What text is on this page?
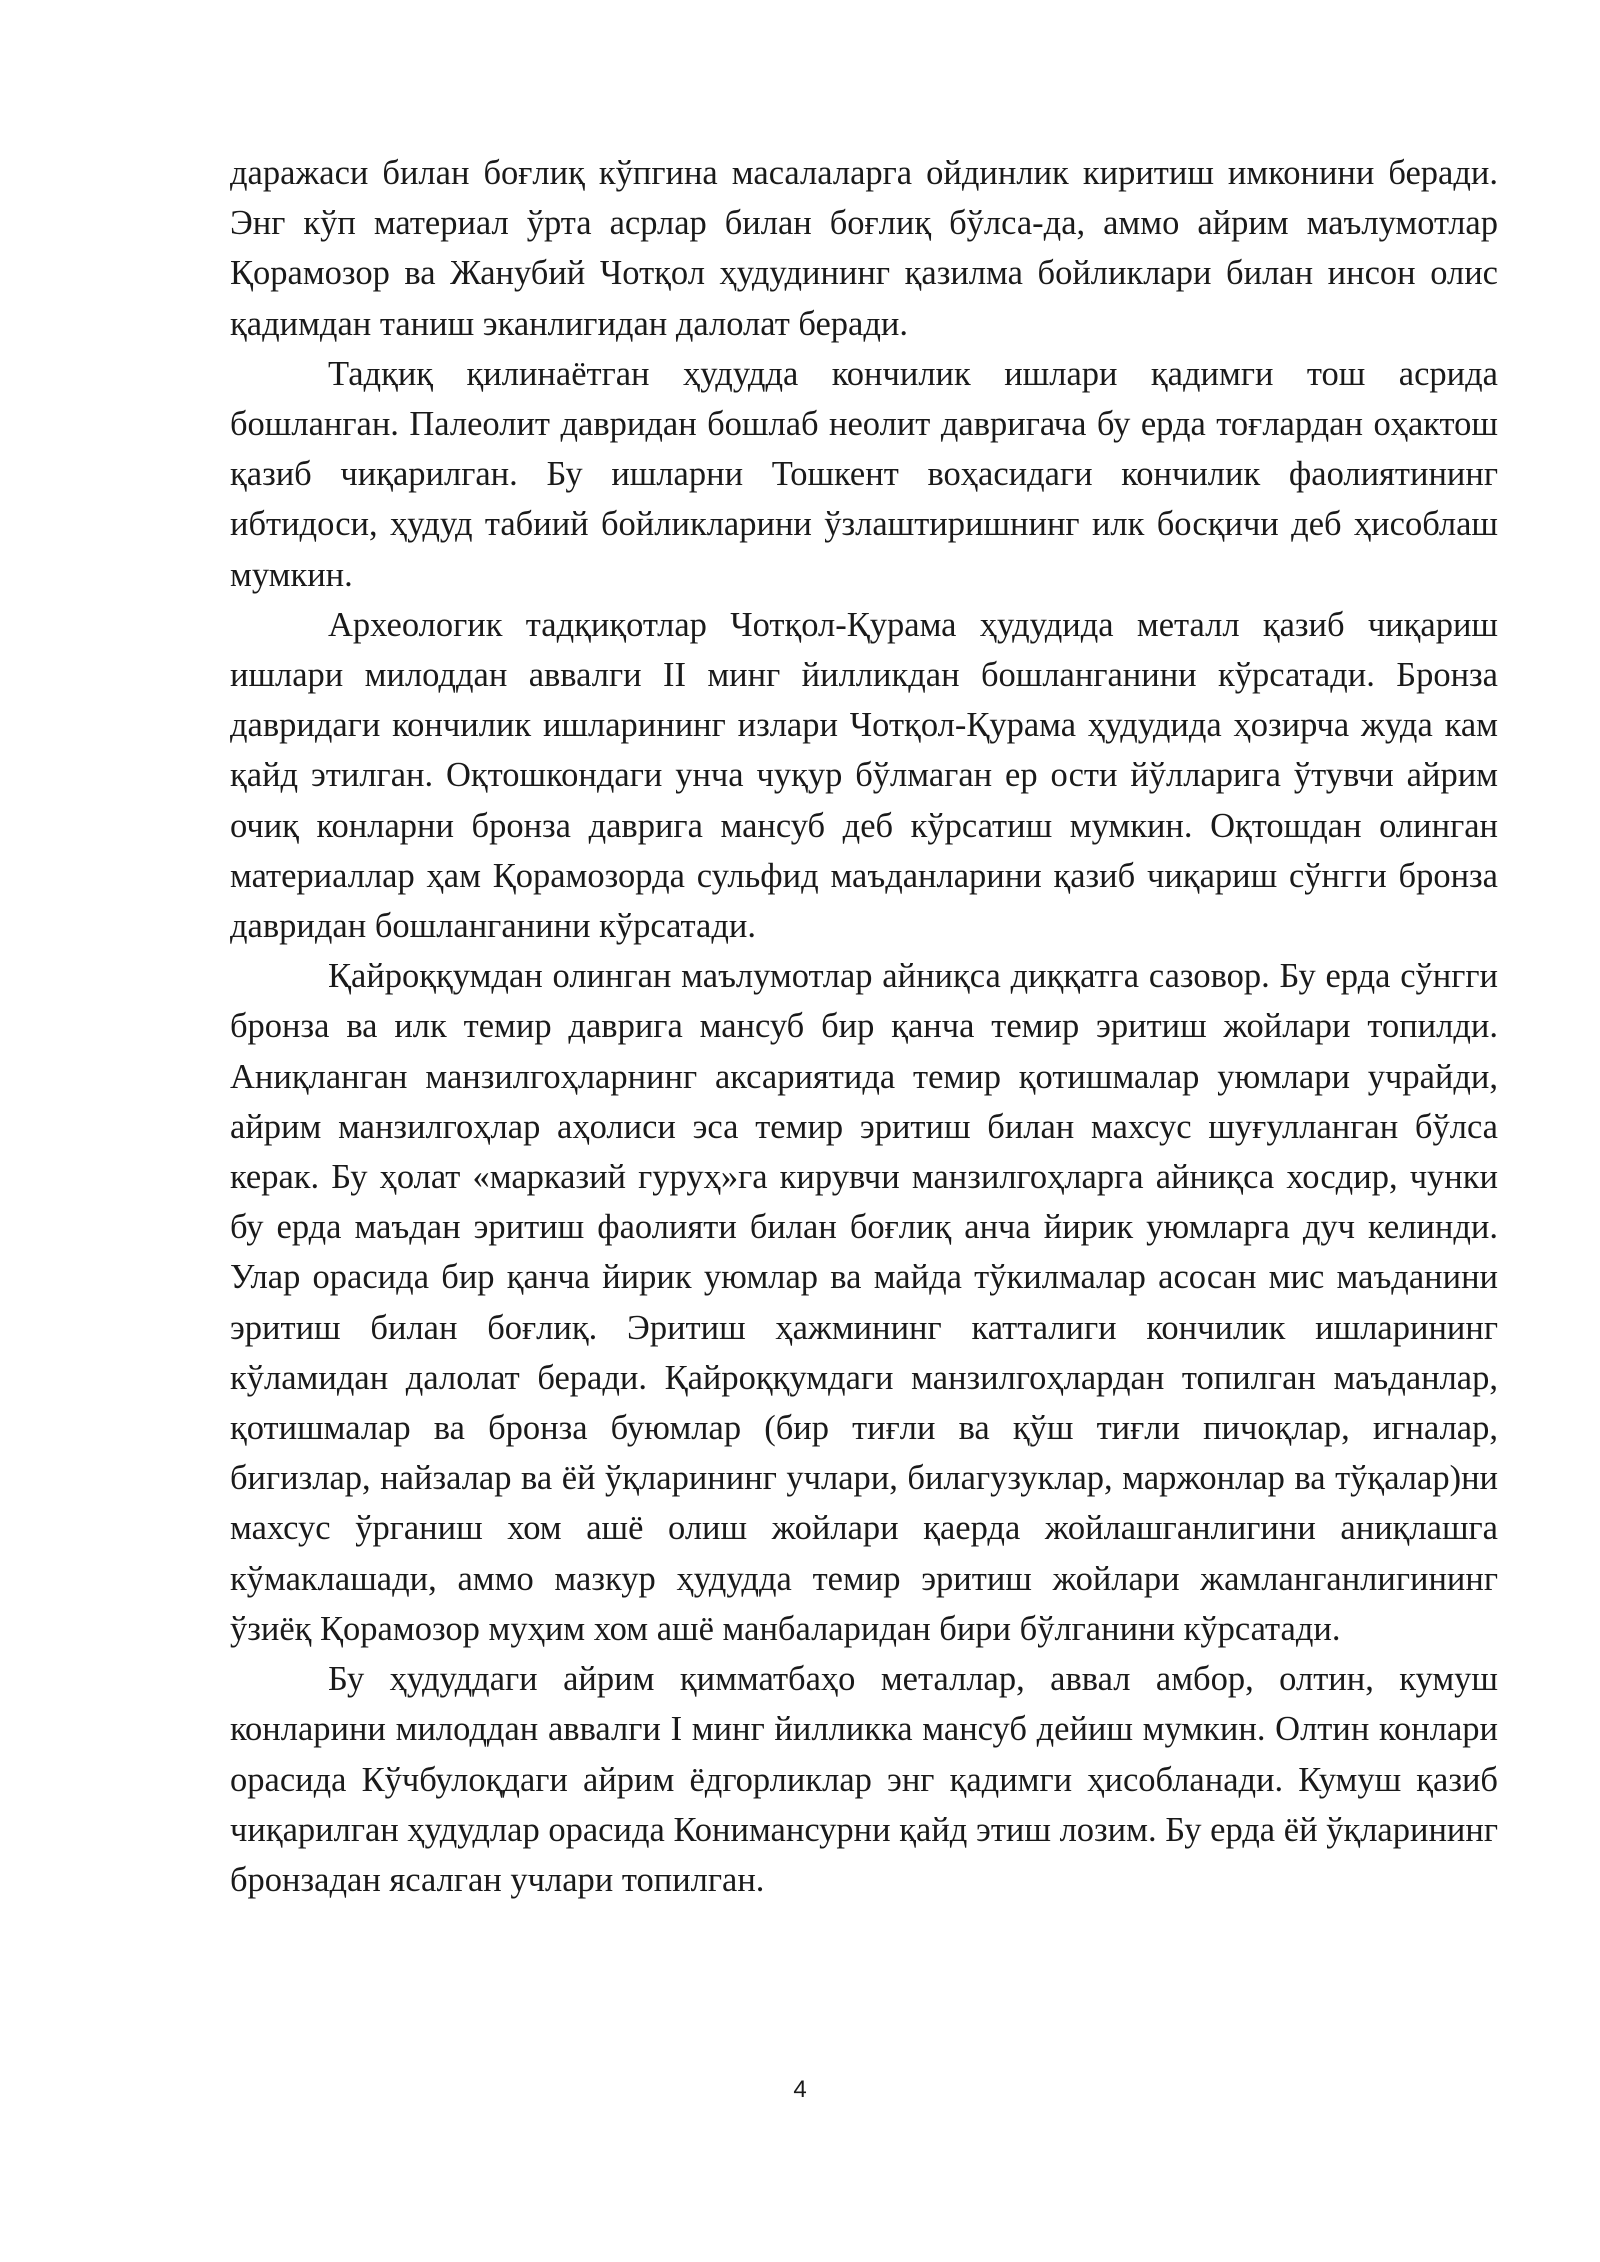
даражаси билан боғлиқ кўпгина масалаларга ойдинлик киритиш имконини беради. Энг кўп материал ўрта асрлар билан боғлиқ бўлса-да, аммо айрим маълумотлар Қорамозор ва Жанубий Чотқол ҳудудининг қазилма бойликлари билан инсон олис қадимдан таниш эканлигидан далолат беради.

Тадқиқ қилинаётган ҳудудда кончилик ишлари қадимги тош асрида бошланган. Палеолит давридан бошлаб неолит давригача бу ерда тоғлардан оҳактош қазиб чиқарилган. Бу ишларни Тошкент воҳасидаги кончилик фаолиятининг ибтидоси, ҳудуд табиий бойликларини ўзлаштиришнинг илк босқичи деб ҳисоблаш мумкин.

Археологик тадқиқотлар Чотқол-Қурама ҳудудида металл қазиб чиқариш ишлари милоддан аввалги II минг йилликдан бошланганини кўрсатади. Бронза давридаги кончилик ишларининг излари Чотқол-Қурама ҳудудида ҳозирча жуда кам қайд этилган. Оқтошкондаги унча чуқур бўлмаган ер ости йўлларига ўтувчи айрим очиқ конларни бронза даврига мансуб деб кўрсатиш мумкин. Оқтошдан олинган материаллар ҳам Қорамозорда сульфид маъданларини қазиб чиқариш сўнгги бронза давридан бошланганини кўрсатади.

Қайроққумдан олинган маълумотлар айниқса диққатга сазовор. Бу ерда сўнгги бронза ва илк темир даврига мансуб бир қанча темир эритиш жойлари топилди. Аниқланган манзилгоҳларнинг аксариятида темир қотишмалар уюмлари учрайди, айрим манзилгоҳлар аҳолиси эса темир эритиш билан махсус шуғулланган бўлса керак. Бу ҳолат «марказий гуруҳ»га кирувчи манзилгоҳларга айниқса хосдир, чунки бу ерда маъдан эритиш фаолияти билан боғлиқ анча йирик уюмларга дуч келинди. Улар орасида бир қанча йирик уюмлар ва майда тўкилмалар асосан мис маъданини эритиш билан боғлиқ. Эритиш ҳажмининг катталиги кончилик ишларининг кўламидан далолат беради. Қайроққумдаги манзилгоҳлардан топилган маъданлар, қотишмалар ва бронза буюмлар (бир тиғли ва қўш тиғли пичоқлар, игналар, бигизлар, найзалар ва ёй ўқларининг учлари, билагузуклар, маржонлар ва тўқалар)ни махсус ўрганиш хом ашё олиш жойлари қаерда жойлашганлигини аниқлашга кўмаклашади, аммо мазкур ҳудудда темир эритиш жойлари жамланганлигининг ўзиёқ Қорамозор муҳим хом ашё манбаларидан бири бўлганини кўрсатади.

Бу ҳудуддаги айрим қимматбаҳо металлар, аввал амбор, олтин, кумуш конларини милоддан аввалги I минг йилликка мансуб дейиш мумкин. Олтин конлари орасида Кўчбулоқдаги айрим ёдгорликлар энг қадимги ҳисобланади. Кумуш қазиб чиқарилган ҳудудлар орасида Конимансурни қайд этиш лозим. Бу ерда ёй ўқларининг бронзадан ясалган учлари топилган.

4
